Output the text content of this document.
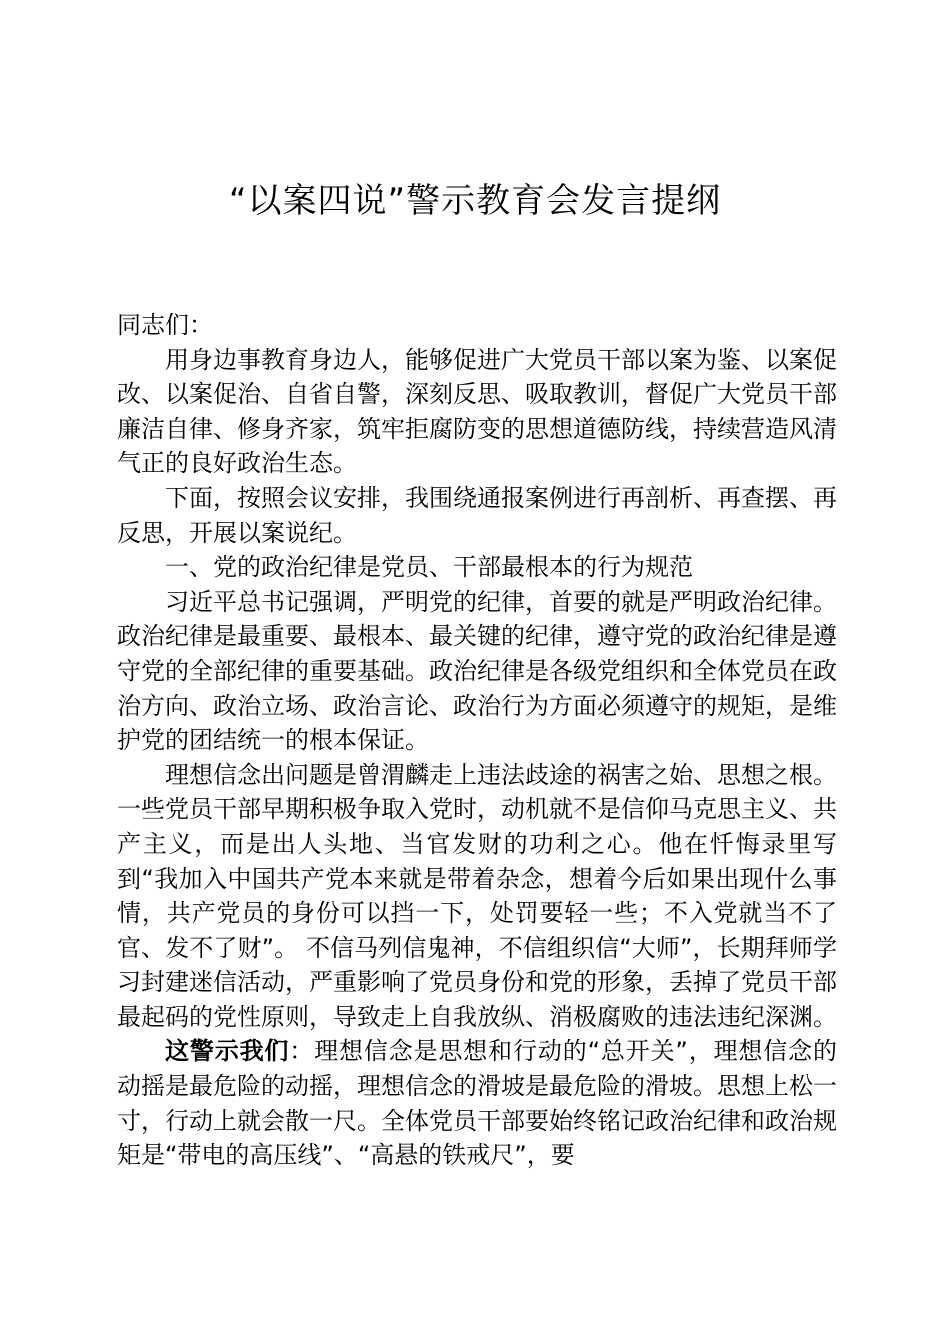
“以案四说”警示教育会发言提纲

同志们：

用身边事教育身边人，能够促进广大党员干部以案为鉴、以案促改、以案促治、自省自警，深刻反思、吸取教训，督促广大党员干部廉洁自律、修身齐家，筑牢拒腐防变的思想道德防线，持续营造风清气正的良好政治生态。

下面，按照会议安排，我围绕通报案例进行再剖析、再查摆、再反思，开展以案说纪。

一、党的政治纪律是党员、干部最根本的行为规范

习近平总书记强调，严明党的纪律，首要的就是严明政治纪律。政治纪律是最重要、最根本、最关键的纪律，遵守党的政治纪律是遵守党的全部纪律的重要基础。政治纪律是各级党组织和全体党员在政治方向、政治立场、政治言论、政治行为方面必须遵守的规矩，是维护党的团结统一的根本保证。

理想信念出问题是曾渭麟走上违法歧途的祸害之始、思想之根。一些党员干部早期积极争取入党时，动机就不是信仰马克思主义、共产主义，而是出人头地、当官发财的功利之心。他在忏悔录里写到“我加入中国共产党本来就是带着杂念，想着今后如果出现什么事情，共产党员的身份可以挡一下，处罚要轻一些；不入党就当不了官、发不了财”。 不信马列信鬼神，不信组织信“大师”，长期拜师学习封建迷信活动，严重影响了党员身份和党的形象，丢掉了党员干部最起码的党性原则，导致走上自我放纵、消极腐败的违法违纪深渊。

这警示我们：理想信念是思想和行动的“总开关”，理想信念的动摇是最危险的动摇，理想信念的滑坡是最危险的滑坡。思想上松一寸，行动上就会散一尺。全体党员干部要始终铭记政治纪律和政治规矩是“带电的高压线”、“高悬的铁戒尺”，要
